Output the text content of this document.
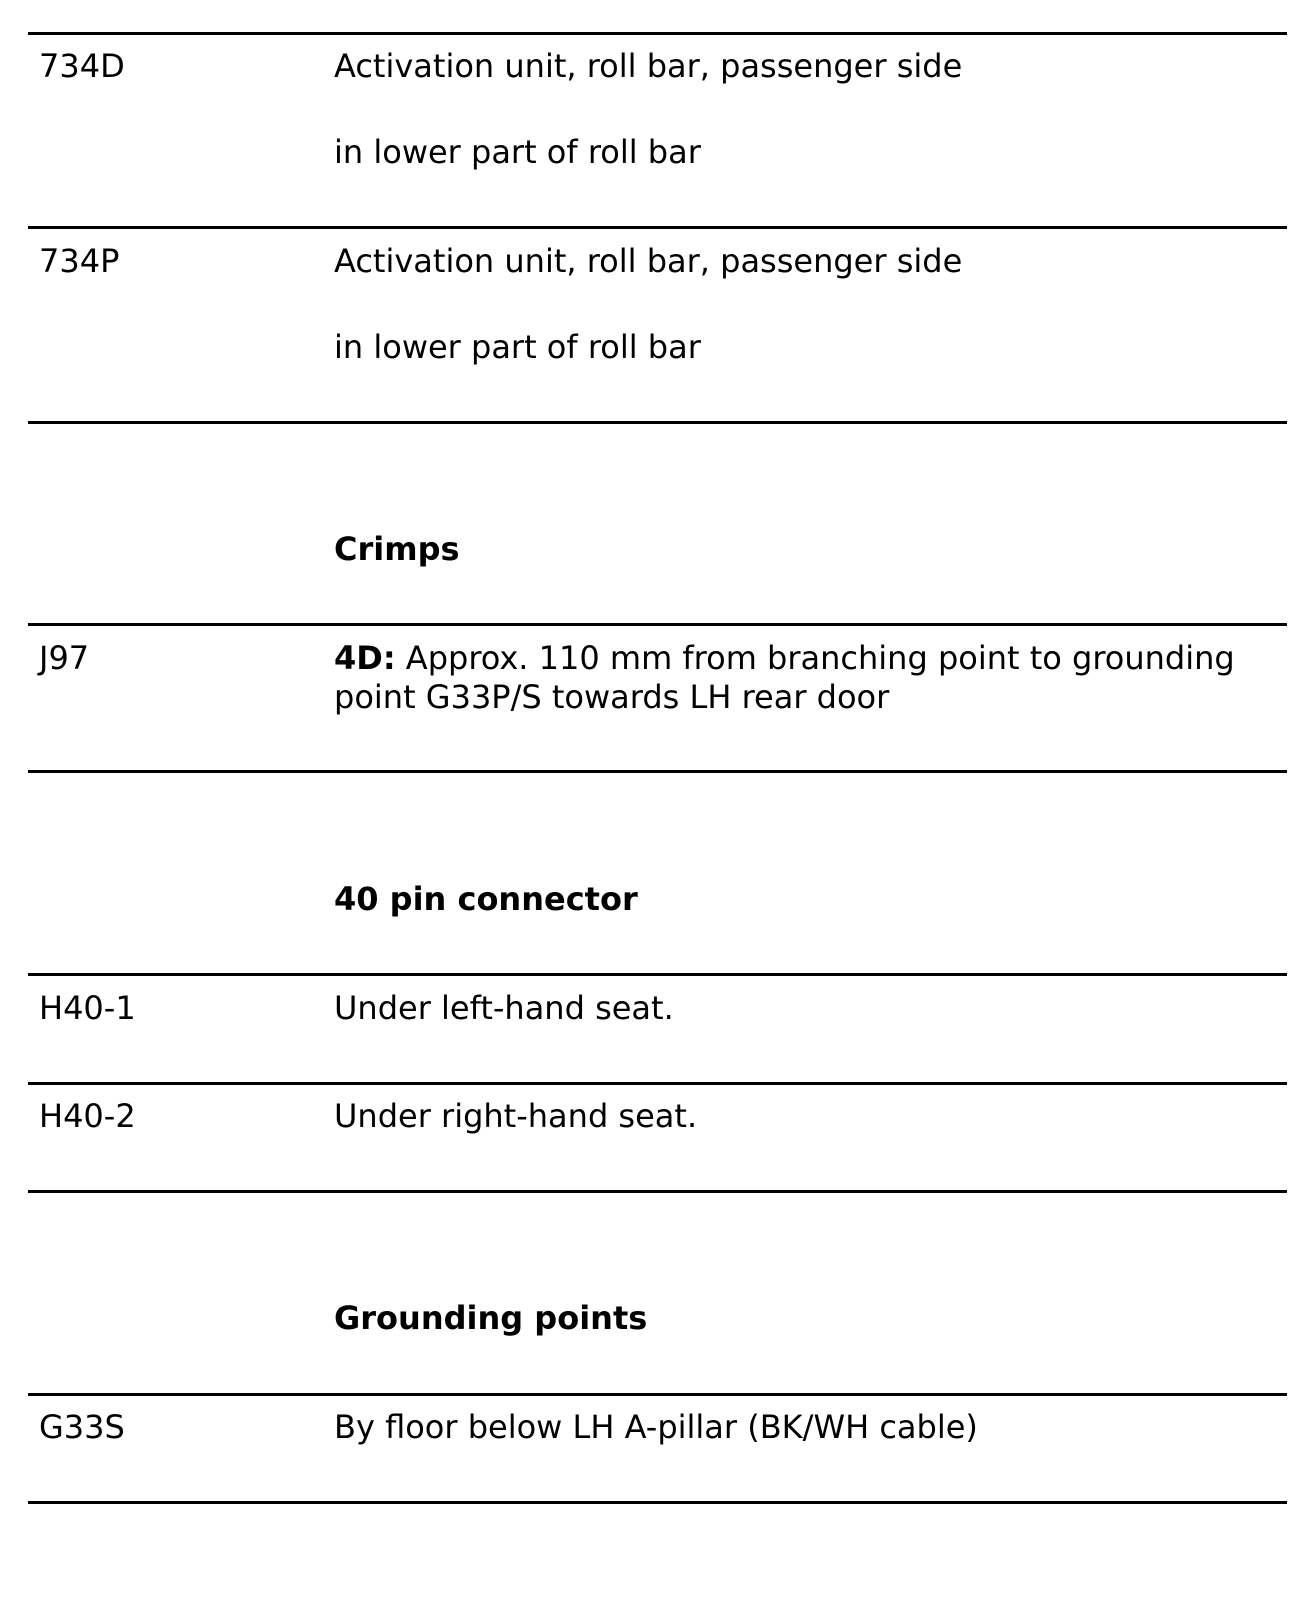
734D	Activation unit, roll bar, passenger side
in lower part of roll bar
734P	Activation unit, roll bar, passenger side
in lower part of roll bar
Crimps
J97	4D: Approx. 110 mm from branching point to grounding
point G33P/S towards LH rear door
40 pin connector
H40-1	Under left-hand seat.
H40-2	Under right-hand seat.
Grounding points
G33S	By floor below LH A-pillar (BK/WH cable)
